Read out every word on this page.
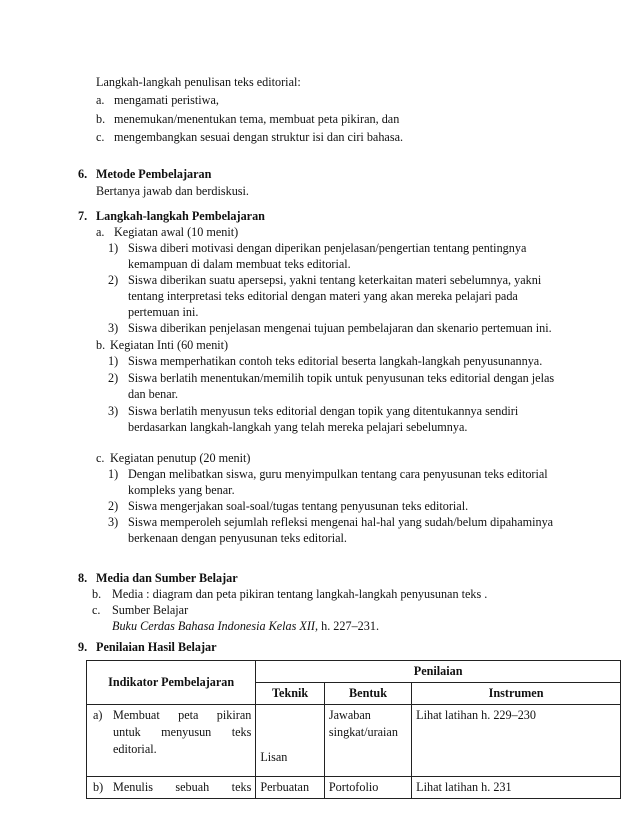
Langkah-langkah penulisan teks editorial:
a. mengamati peristiwa,
b. menemukan/menentukan tema, membuat peta pikiran, dan
c. mengembangkan sesuai dengan struktur isi dan ciri bahasa.
6. Metode Pembelajaran
Bertanya jawab dan berdiskusi.
7. Langkah-langkah Pembelajaran
a. Kegiatan awal (10 menit)
1) Siswa diberi motivasi dengan diperikan penjelasan/pengertian tentang pentingnya
kemampuan di dalam membuat teks editorial.
2) Siswa diberikan suatu apersepsi, yakni tentang keterkaitan materi sebelumnya, yakni
tentang interpretasi teks editorial dengan materi yang akan mereka pelajari pada
pertemuan ini.
3) Siswa diberikan penjelasan mengenai tujuan pembelajaran dan skenario pertemuan ini.
b. Kegiatan Inti (60 menit)
1) Siswa memperhatikan contoh teks editorial beserta langkah-langkah penyusunannya.
2) Siswa berlatih menentukan/memilih topik untuk penyusunan teks editorial dengan jelas
dan benar.
3) Siswa berlatih menyusun teks editorial dengan topik yang ditentukannya sendiri
berdasarkan langkah-langkah yang telah mereka pelajari sebelumnya.
c. Kegiatan penutup (20 menit)
1) Dengan melibatkan siswa, guru menyimpulkan tentang cara penyusunan teks editorial
kompleks yang benar.
2) Siswa mengerjakan soal-soal/tugas tentang penyusunan teks editorial.
3) Siswa memperoleh sejumlah refleksi mengenai hal-hal yang sudah/belum dipahaminya
berkenaan dengan penyusunan teks editorial.
8. Media dan Sumber Belajar
b. Media : diagram dan peta pikiran tentang langkah-langkah penyusunan teks .
c. Sumber Belajar
Buku Cerdas Bahasa Indonesia Kelas XII, h. 227–231.
9. Penilaian Hasil Belajar
Indikator Pembelajaran	Penilaian		
	Teknik	Bentuk	Instrumen

a) Membuat peta pikiran untuk menyusun teks editorial.	Lisan	Jawaban singkat/uraian	Lihat latihan h. 229–230

b) Menulis sebuah teks	Perbuatan	Portofolio	Lihat latihan h. 231
